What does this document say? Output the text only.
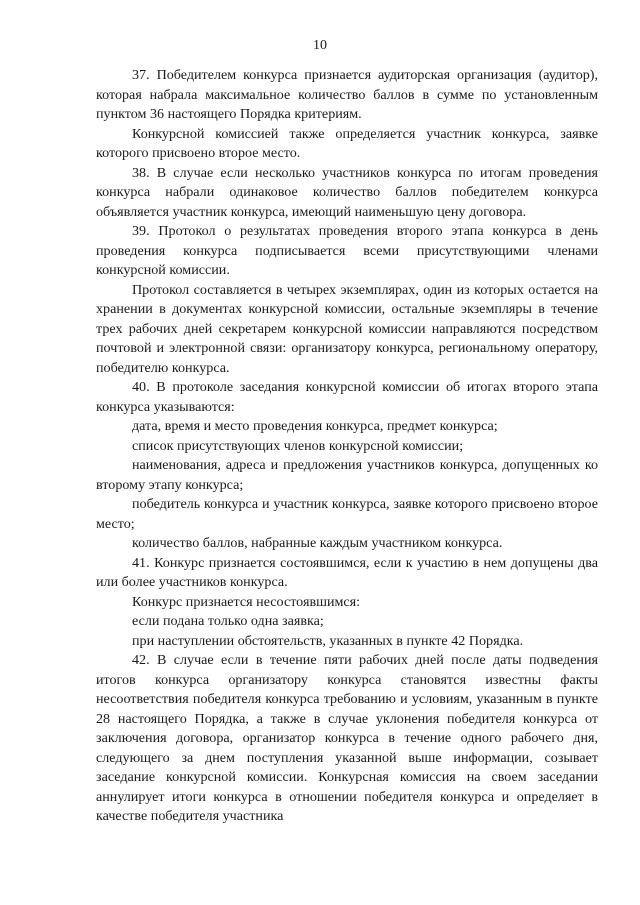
10

37. Победителем конкурса признается аудиторская организация (аудитор), которая набрала максимальное количество баллов в сумме по установленным пунктом 36 настоящего Порядка критериям.

Конкурсной комиссией также определяется участник конкурса, заявке которого присвоено второе место.

38. В случае если несколько участников конкурса по итогам проведения конкурса набрали одинаковое количество баллов победителем конкурса объявляется участник конкурса, имеющий наименьшую цену договора.

39. Протокол о результатах проведения второго этапа конкурса в день проведения конкурса подписывается всеми присутствующими членами конкурсной комиссии.

Протокол составляется в четырех экземплярах, один из которых остается на хранении в документах конкурсной комиссии, остальные экземпляры в течение трех рабочих дней секретарем конкурсной комиссии направляются посредством почтовой и электронной связи: организатору конкурса, региональному оператору, победителю конкурса.

40. В протоколе заседания конкурсной комиссии об итогах второго этапа конкурса указываются:

дата, время и место проведения конкурса, предмет конкурса;

список присутствующих членов конкурсной комиссии;

наименования, адреса и предложения участников конкурса, допущенных ко второму этапу конкурса;

победитель конкурса и участник конкурса, заявке которого присвоено второе место;

количество баллов, набранные каждым участником конкурса.

41. Конкурс признается состоявшимся, если к участию в нем допущены два или более участников конкурса.

Конкурс признается несостоявшимся:

если подана только одна заявка;

при наступлении обстоятельств, указанных в пункте 42 Порядка.

42. В случае если в течение пяти рабочих дней после даты подведения итогов конкурса организатору конкурса становятся известны факты несоответствия победителя конкурса требованию и условиям, указанным в пункте 28 настоящего Порядка, а также в случае уклонения победителя конкурса от заключения договора, организатор конкурса в течение одного рабочего дня, следующего за днем поступления указанной выше информации, созывает заседание конкурсной комиссии. Конкурсная комиссия на своем заседании аннулирует итоги конкурса в отношении победителя конкурса и определяет в качестве победителя участника
